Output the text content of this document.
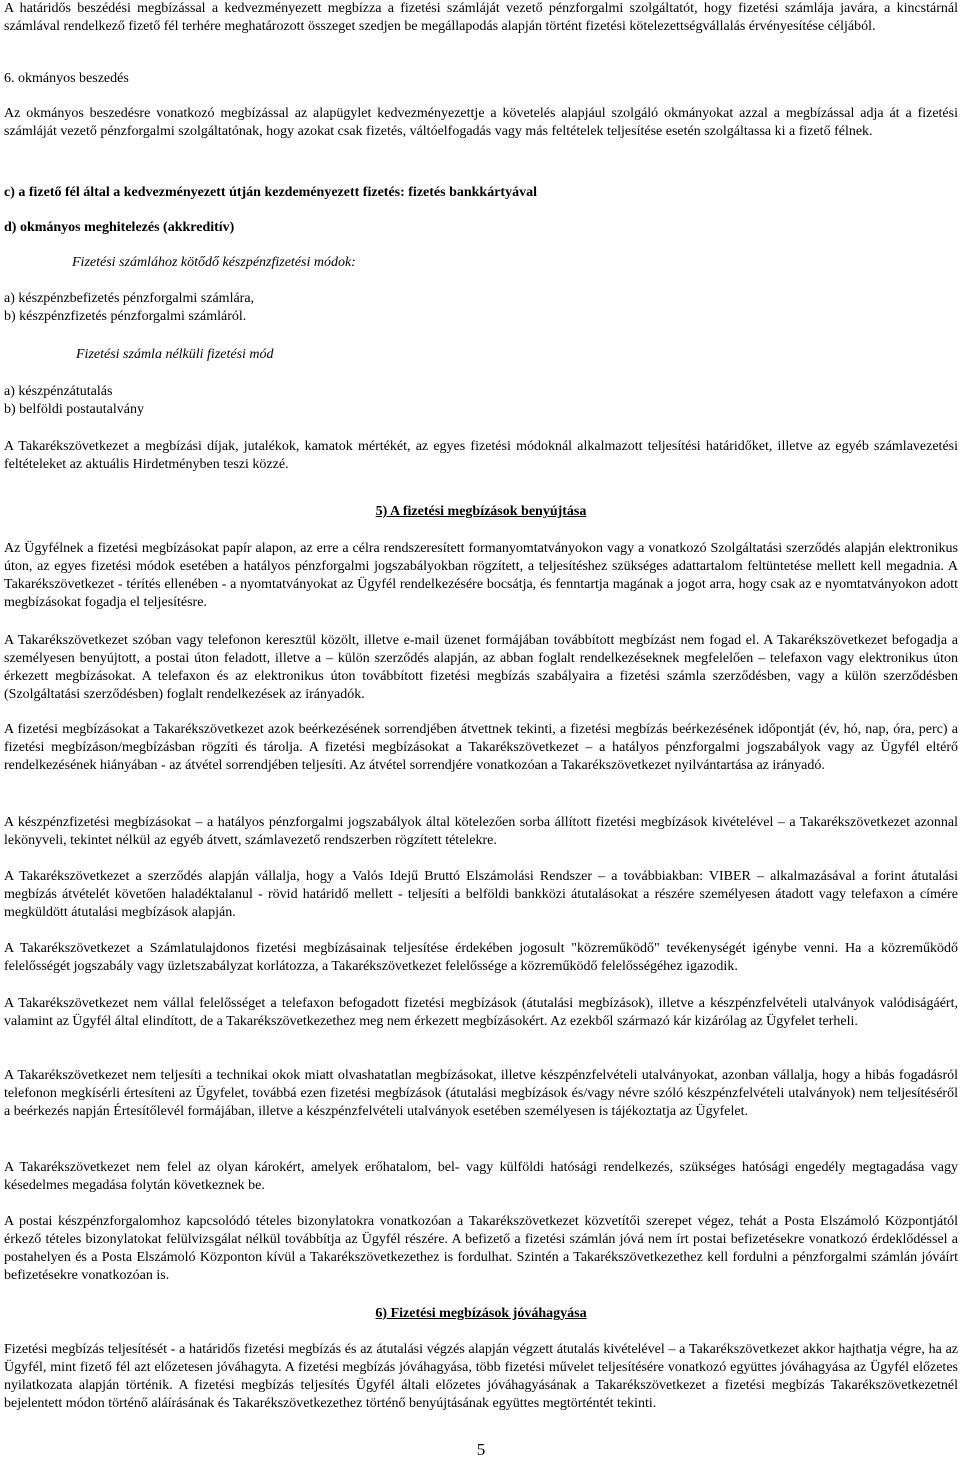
A határidős beszédési megbízással a kedvezményezett megbízza a fizetési számláját vezető pénzforgalmi szolgáltatót, hogy fizetési számlája javára, a kincstárnál számlával rendelkező fizető fél terhére meghatározott összeget szedjen be megállapodás alapján történt fizetési kötelezettségvállalás érvényesítése céljából.

6. okmányos beszedés

Az okmányos beszedésre vonatkozó megbízással az alapügylet kedvezményezettje a követelés alapjául szolgáló okmányokat azzal a megbízással adja át a fizetési számláját vezető pénzforgalmi szolgáltatónak, hogy azokat csak fizetés, váltóelfogadás vagy más feltételek teljesítése esetén szolgáltassa ki a fizető félnek.

c) a fizető fél által a kedvezményezett útján kezdeményezett fizetés: fizetés bankkártyával

d) okmányos meghitelezés (akkreditív)

Fizetési számlához kötődő készpénzfizetési módok:

a) készpénzbefizetés pénzforgalmi számlára,

b) készpénzfizetés pénzforgalmi számláról.

Fizetési számla nélküli fizetési mód

a) készpénzátutalás

b) belföldi postautalvány

A Takarékszövetkezet a megbízási díjak, jutalékok, kamatok mértékét, az egyes fizetési módoknál alkalmazott teljesítési határidőket, illetve az egyéb számlavezetési feltételeket az aktuális Hirdetményben teszi közzé.

5) A fizetési megbízások benyújtása

Az Ügyfélnek a fizetési megbízásokat papír alapon, az erre a célra rendszeresített formanyomtatványokon vagy a vonatkozó Szolgáltatási szerződés alapján elektronikus úton, az egyes fizetési módok esetében a hatályos pénzforgalmi jogszabályokban rögzített, a teljesítéshez szükséges adattartalom feltüntetése mellett kell megadnia. A Takarékszövetkezet - térítés ellenében - a nyomtatványokat az Ügyfél rendelkezésére bocsátja, és fenntartja magának a jogot arra, hogy csak az e nyomtatványokon adott megbízásokat fogadja el teljesítésre.

A Takarékszövetkezet szóban vagy telefonon keresztül közölt, illetve e-mail üzenet formájában továbbított megbízást nem fogad el. A Takarékszövetkezet befogadja a személyesen benyújtott, a postai úton feladott, illetve a – külön szerződés alapján, az abban foglalt rendelkezéseknek megfelelően – telefaxon vagy elektronikus úton érkezett megbízásokat. A telefaxon és az elektronikus úton továbbított fizetési megbízás szabályaira a fizetési számla szerződésben, vagy a külön szerződésben (Szolgáltatási szerződésben) foglalt rendelkezések az irányadók.

A fizetési megbízásokat a Takarékszövetkezet azok beérkezésének sorrendjében átvettnek tekinti, a fizetési megbízás beérkezésének időpontját (év, hó, nap, óra, perc) a fizetési megbízáson/megbízásban rögzíti és tárolja. A fizetési megbízásokat a Takarékszövetkezet – a hatályos pénzforgalmi jogszabályok vagy az Ügyfél eltérő rendelkezésének hiányában - az átvétel sorrendjében teljesíti. Az átvétel sorrendjére vonatkozóan a Takarékszövetkezet nyilvántartása az irányadó.

A készpénzfizetési megbízásokat – a hatályos pénzforgalmi jogszabályok által kötelezően sorba állított fizetési megbízások kivételével – a Takarékszövetkezet azonnal lekönyveli, tekintet nélkül az egyéb átvett, számlavezető rendszerben rögzített tételekre.

A Takarékszövetkezet a szerződés alapján vállalja, hogy a Valós Idejű Bruttó Elszámolási Rendszer – a továbbiakban: VIBER – alkalmazásával a forint átutalási megbízás átvételét követően haladéktalanul - rövid határidő mellett - teljesíti a belföldi bankközi átutalásokat a részére személyesen átadott vagy telefaxon a címére megküldött átutalási megbízások alapján.

A Takarékszövetkezet a Számlatulajdonos fizetési megbízásainak teljesítése érdekében jogosult "közreműködő" tevékenységét igénybe venni. Ha a közreműködő felelősségét jogszabály vagy üzletszabályzat korlátozza, a Takarékszövetkezet felelőssége a közreműködő felelősségéhez igazodik.

A Takarékszövetkezet nem vállal felelősséget a telefaxon befogadott fizetési megbízások (átutalási megbízások), illetve a készpénzfelvételi utalványok valódiságáért, valamint az Ügyfél által elindított, de a Takarékszövetkezethez meg nem érkezett megbízásokért. Az ezekből származó kár kizárólag az Ügyfelet terheli.

A Takarékszövetkezet nem teljesíti a technikai okok miatt olvashatatlan megbízásokat, illetve készpénzfelvételi utalványokat, azonban vállalja, hogy a hibás fogadásról telefonon megkísérli értesíteni az Ügyfelet, továbbá ezen fizetési megbízások (átutalási megbízások és/vagy névre szóló készpénzfelvételi utalványok) nem teljesítéséről a beérkezés napján Értesítőlevél formájában, illetve a készpénzfelvételi utalványok esetében személyesen is tájékoztatja az Ügyfelet.

A Takarékszövetkezet nem felel az olyan károkért, amelyek erőhatalom, bel- vagy külföldi hatósági rendelkezés, szükséges hatósági engedély megtagadása vagy késedelmes megadása folytán következnek be.

A postai készpénzforgalomhoz kapcsolódó tételes bizonylatokra vonatkozóan a Takarékszövetkezet közvetítői szerepet végez, tehát a Posta Elszámoló Központjától érkező tételes bizonylatokat felülvizsgálat nélkül továbbítja az Ügyfél részére. A befizető a fizetési számlán jóvá nem írt postai befizetésekre vonatkozó érdeklődéssel a postahelyen és a Posta Elszámoló Központon kívül a Takarékszövetkezethez is fordulhat. Szintén a Takarékszövetkezethez kell fordulni a pénzforgalmi számlán jóváírt befizetésekre vonatkozóan is.

6) Fizetési megbízások jóváhagyása

Fizetési megbízás teljesítését - a határidős fizetési megbízás és az átutalási végzés alapján végzett átutalás kivételével – a Takarékszövetkezet akkor hajthatja végre, ha az Ügyfél, mint fizető fél azt előzetesen jóváhagyta. A fizetési megbízás jóváhagyása, több fizetési művelet teljesítésére vonatkozó együttes jóváhagyása az Ügyfél előzetes nyilatkozata alapján történik. A fizetési megbízás teljesítés Ügyfél általi előzetes jóváhagyásának a Takarékszövetkezet a fizetési megbízás Takarékszövetkezetnél bejelentett módon történő aláírásának és Takarékszövetkezethez történő benyújtásának együttes megtörténtét tekinti.

5
